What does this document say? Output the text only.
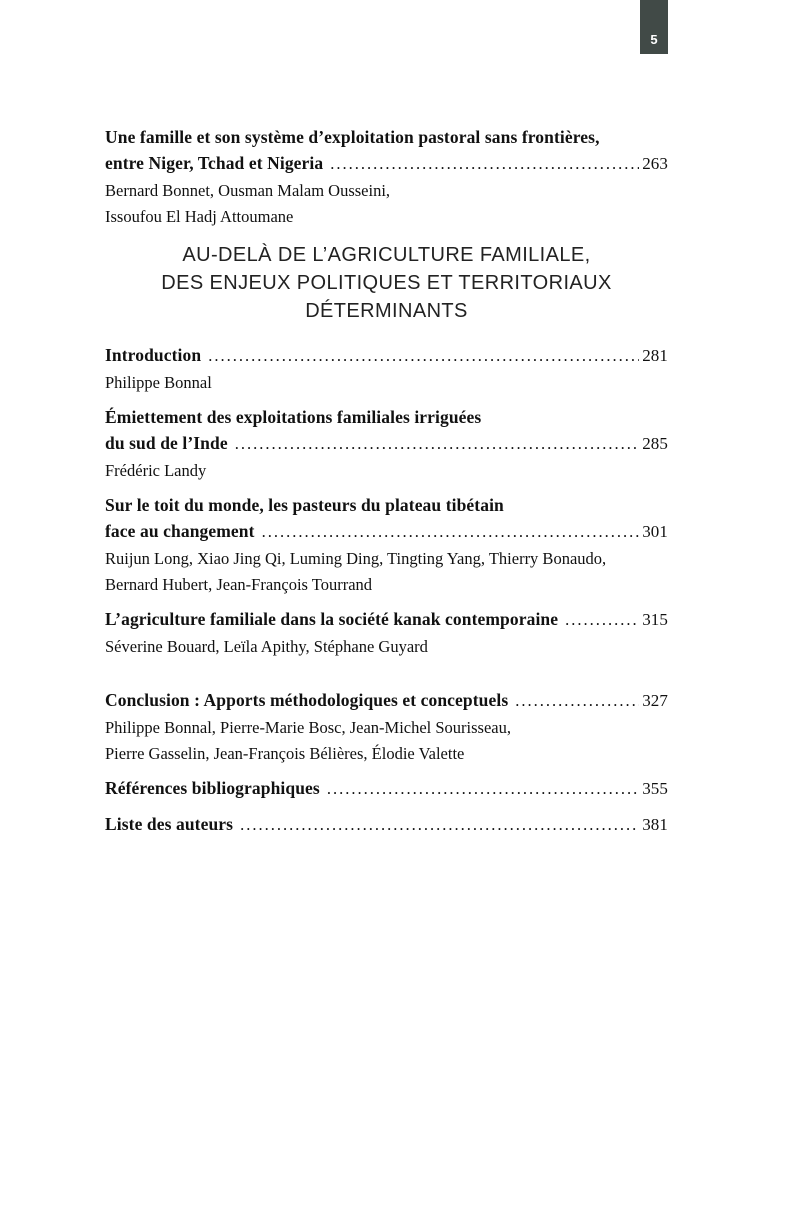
5
Une famille et son système d’exploitation pastoral sans frontières,
entre Niger, Tchad et Nigeria .....	263
Bernard Bonnet, Ousman Malam Ousseini,
Issoufou El Hadj Attoumane
AU-DELÀ DE L’AGRICULTURE FAMILIALE,
DES ENJEUX POLITIQUES ET TERRITORIAUX
DÉTERMINANTS
Introduction .....	281
Philippe Bonnal
Émiettement des exploitations familiales irriguées
du sud de l’Inde .....	285
Frédéric Landy
Sur le toit du monde, les pasteurs du plateau tibétain
face au changement .....	301
Ruijun Long, Xiao Jing Qi, Luming Ding, Tingting Yang, Thierry Bonaudo,
Bernard Hubert, Jean-François Tourrand
L’agriculture familiale dans la société kanak contemporaine .....	315
Séverine Bouard, Leïla Apithy, Stéphane Guyard
Conclusion : Apports méthodologiques et conceptuels .....	327
Philippe Bonnal, Pierre-Marie Bosc, Jean-Michel Sourisseau,
Pierre Gasselin, Jean-François Bélières, Élodie Valette
Références bibliographiques .....	355
Liste des auteurs .....	381
